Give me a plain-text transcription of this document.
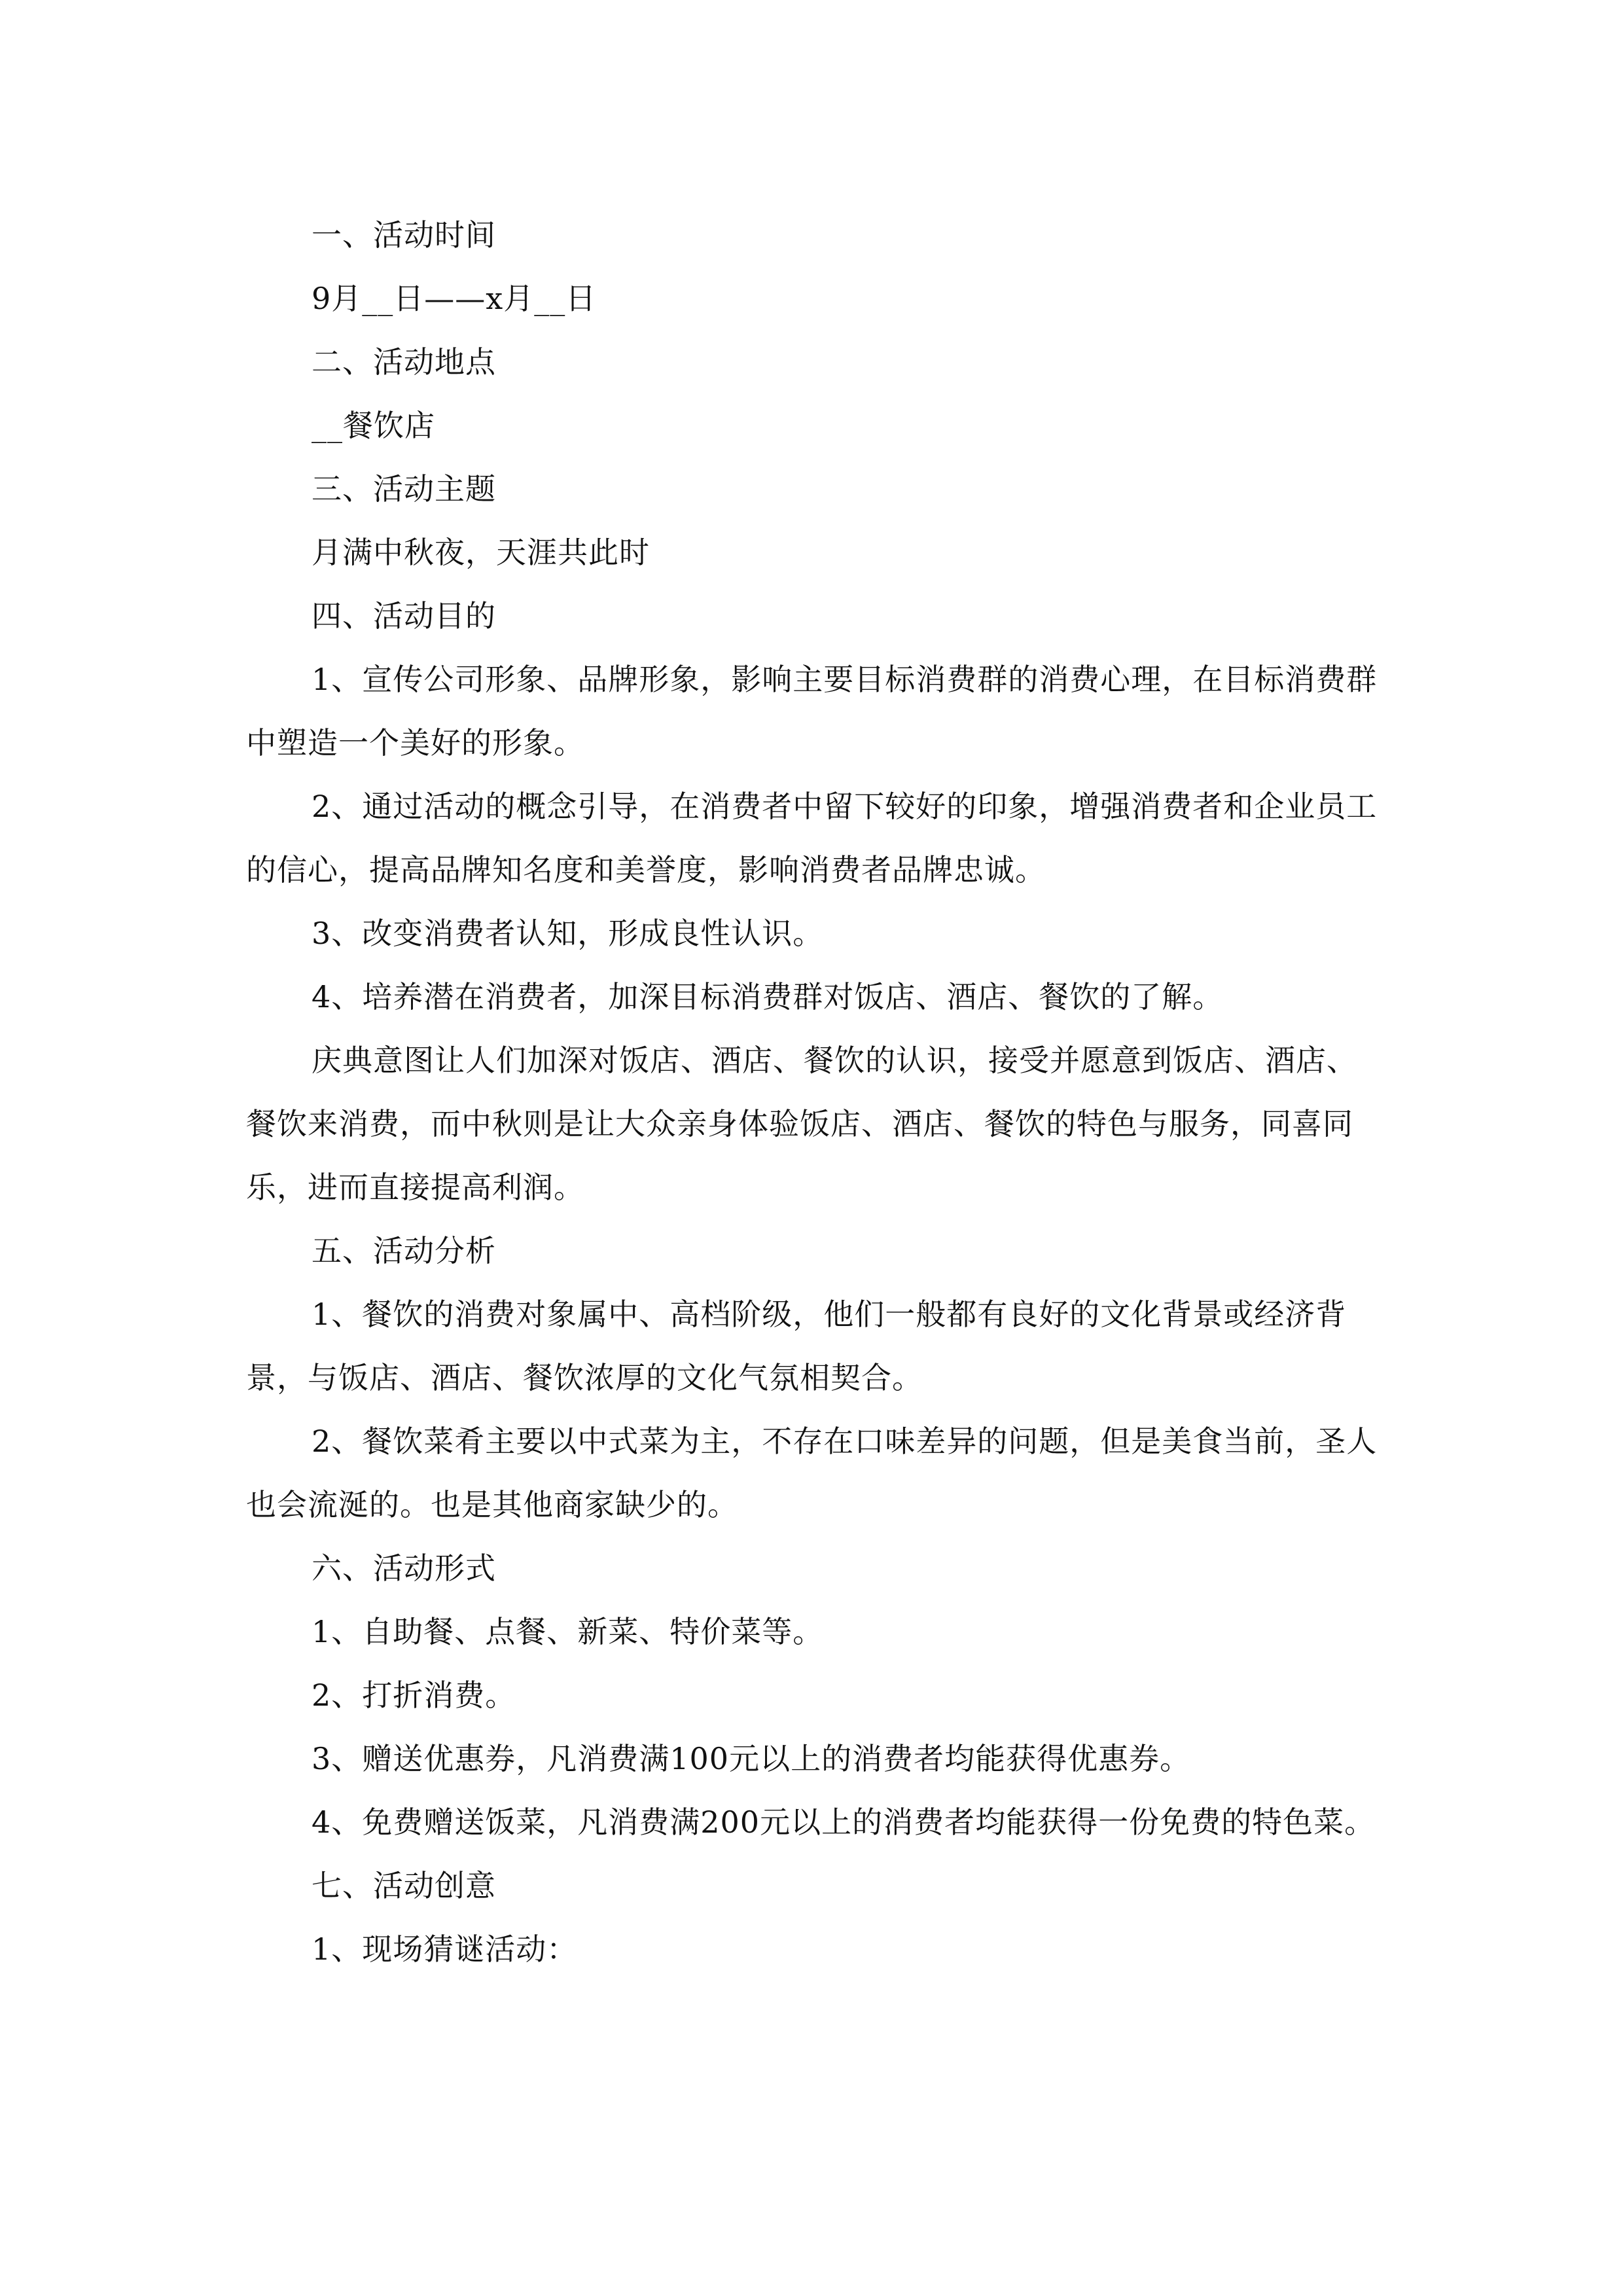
一、活动时间

9月__日——x月__日

二、活动地点

__餐饮店

三、活动主题

月满中秋夜，天涯共此时

四、活动目的

1、宣传公司形象、品牌形象，影响主要目标消费群的消费心理，在目标消费群中塑造一个美好的形象。

2、通过活动的概念引导，在消费者中留下较好的印象，增强消费者和企业员工的信心，提高品牌知名度和美誉度，影响消费者品牌忠诚。

3、改变消费者认知，形成良性认识。

4、培养潜在消费者，加深目标消费群对饭店、酒店、餐饮的了解。

庆典意图让人们加深对饭店、酒店、餐饮的认识，接受并愿意到饭店、酒店、餐饮来消费，而中秋则是让大众亲身体验饭店、酒店、餐饮的特色与服务，同喜同乐，进而直接提高利润。

五、活动分析

1、餐饮的消费对象属中、高档阶级，他们一般都有良好的文化背景或经济背景，与饭店、酒店、餐饮浓厚的文化气氛相契合。

2、餐饮菜肴主要以中式菜为主，不存在口味差异的问题，但是美食当前，圣人也会流涎的。也是其他商家缺少的。

六、活动形式

1、自助餐、点餐、新菜、特价菜等。

2、打折消费。

3、赠送优惠券，凡消费满100元以上的消费者均能获得优惠券。

4、免费赠送饭菜，凡消费满200元以上的消费者均能获得一份免费的特色菜。

七、活动创意

1、现场猜谜活动：
